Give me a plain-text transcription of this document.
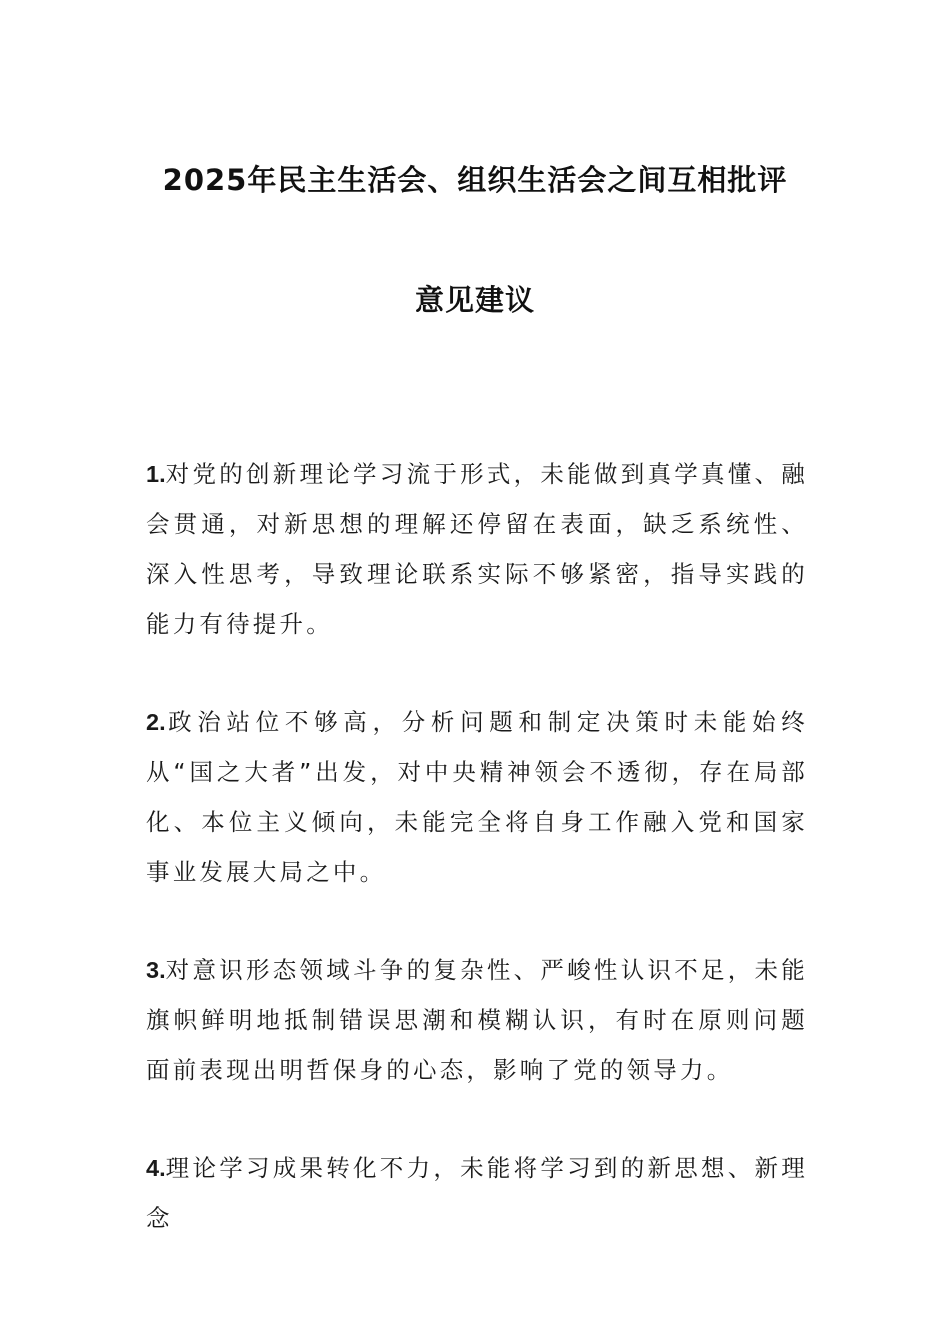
2025年民主生活会、组织生活会之间互相批评
意见建议

1.对党的创新理论学习流于形式，未能做到真学真懂、融会贯通，对新思想的理解还停留在表面，缺乏系统性、深入性思考，导致理论联系实际不够紧密，指导实践的能力有待提升。

2.政治站位不够高，分析问题和制定决策时未能始终从“国之大者”出发，对中央精神领会不透彻，存在局部化、本位主义倾向，未能完全将自身工作融入党和国家事业发展大局之中。

3.对意识形态领域斗争的复杂性、严峻性认识不足，未能旗帜鲜明地抵制错误思潮和模糊认识，有时在原则问题面前表现出明哲保身的心态，影响了党的领导力。

4.理论学习成果转化不力，未能将学习到的新思想、新理念
